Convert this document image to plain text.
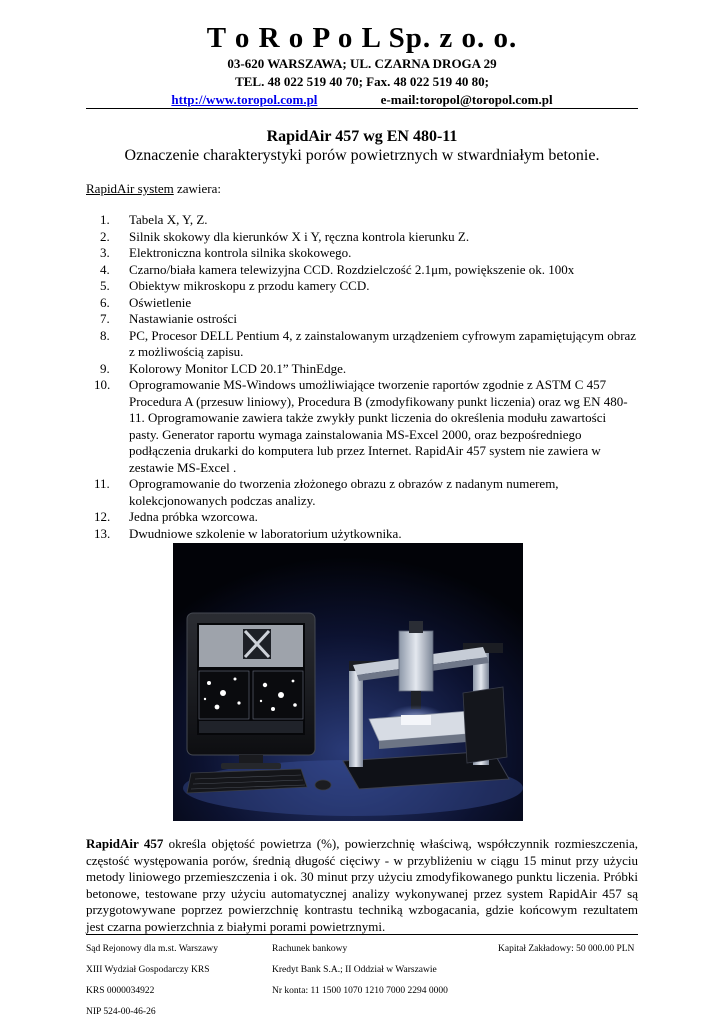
T o R o P o L Sp. z o. o.
03-620 WARSZAWA; UL. CZARNA DROGA 29
TEL. 48 022 519 40 70; Fax. 48 022 519 40 80;
http://www.toropol.com.pl	e-mail:toropol@toropol.com.pl
RapidAir 457 wg EN 480-11
Oznaczenie charakterystyki porów powietrznych w stwardniałym betonie.
RapidAir system zawiera:
1.	Tabela X, Y, Z.
2.	Silnik skokowy dla kierunków X i Y, ręczna kontrola kierunku Z.
3.	Elektroniczna kontrola silnika skokowego.
4.	Czarno/biała kamera telewizyjna CCD. Rozdzielczość 2.1μm, powiększenie ok. 100x
5.	Obiektyw mikroskopu z przodu kamery CCD.
6.	Oświetlenie
7.	Nastawianie ostrości
8.	PC, Procesor DELL Pentium 4, z zainstalowanym urządzeniem cyfrowym zapamiętującym obraz z możliwością zapisu.
9.	Kolorowy Monitor LCD 20.1” ThinEdge.
10.	Oprogramowanie MS-Windows umożliwiające tworzenie raportów zgodnie z ASTM C 457 Procedura A (przesuw liniowy), Procedura B (zmodyfikowany punkt liczenia) oraz wg EN 480-11. Oprogramowanie zawiera także zwykły punkt liczenia do określenia modułu zawartości pasty. Generator raportu wymaga zainstalowania MS-Excel 2000, oraz bezpośredniego podłączenia drukarki do komputera lub przez Internet. RapidAir 457 system nie zawiera w zestawie MS-Excel .
11.	Oprogramowanie do tworzenia złożonego obrazu z obrazów z nadanym numerem, kolekcjonowanych podczas analizy.
12.	Jedna próbka wzorcowa.
13.	Dwudniowe szkolenie w laboratorium użytkownika.

RapidAir 457 określa objętość powietrza (%), powierzchnię właściwą, współczynnik rozmieszczenia, częstość występowania porów, średnią długość cięciwy - w przybliżeniu w ciągu 15 minut przy użyciu metody liniowego przemieszczenia i ok. 30 minut przy użyciu zmodyfikowanego punktu liczenia. Próbki betonowe, testowane przy użyciu automatycznej analizy wykonywanej przez system RapidAir 457 są przygotowywane poprzez powierzchnię kontrastu techniką wzbogacania, gdzie końcowym rezultatem jest czarna powierzchnia z białymi porami powietrznymi.

Sąd Rejonowy dla m.st. Warszawy
XIII Wydział Gospodarczy KRS
KRS 0000034922
NIP 524-00-46-26
Rachunek bankowy
Kredyt Bank S.A.; II Oddział w Warszawie
Nr konta: 11 1500 1070 1210 7000 2294 0000
Kapitał Zakładowy: 50 000.00 PLN
